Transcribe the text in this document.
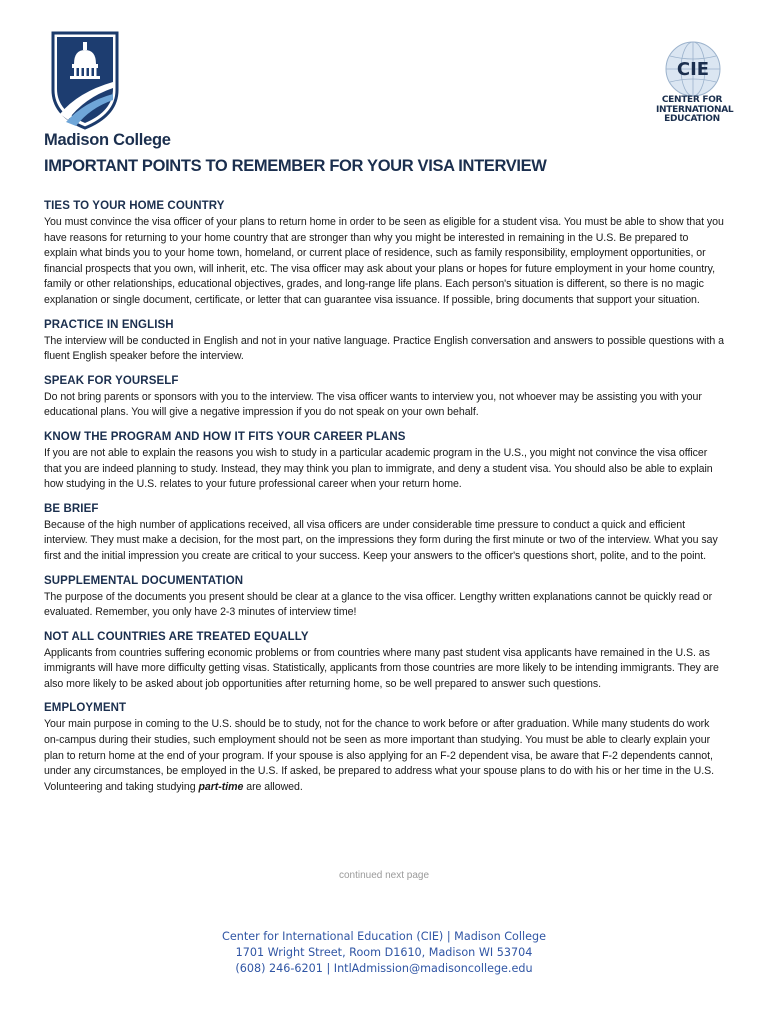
CIE
CENTER FOR
INTERNATIONAL
EDUCATION
Madison College
IMPORTANT POINTS TO REMEMBER FOR YOUR VISA INTERVIEW
TIES TO YOUR HOME COUNTRY

You must convince the visa officer of your plans to return home in order to be seen as eligible for a student visa. You must be able to show that you have reasons for returning to your home country that are stronger than why you might be interested in remaining in the U.S. Be prepared to explain what binds you to your home town, homeland, or current place of residence, such as family responsibility, employment opportunities, or financial prospects that you own, will inherit, etc. The visa officer may ask about your plans or hopes for future employment in your home country, family or other relationships, educational objectives, grades, and long-range life plans. Each person's situation is different, so there is no magic explanation or single document, certificate, or letter that can guarantee visa issuance. If possible, bring documents that support your situation.

PRACTICE IN ENGLISH

The interview will be conducted in English and not in your native language. Practice English conversation and answers to possible questions with a fluent English speaker before the interview.

SPEAK FOR YOURSELF

Do not bring parents or sponsors with you to the interview. The visa officer wants to interview you, not whoever may be assisting you with your educational plans. You will give a negative impression if you do not speak on your own behalf.

KNOW THE PROGRAM AND HOW IT FITS YOUR CAREER PLANS

If you are not able to explain the reasons you wish to study in a particular academic program in the U.S., you might not convince the visa officer that you are indeed planning to study. Instead, they may think you plan to immigrate, and deny a student visa. You should also be able to explain how studying in the U.S. relates to your future professional career when your return home.

BE BRIEF

Because of the high number of applications received, all visa officers are under considerable time pressure to conduct a quick and efficient interview. They must make a decision, for the most part, on the impressions they form during the first minute or two of the interview. What you say first and the initial impression you create are critical to your success. Keep your answers to the officer's questions short, polite, and to the point.

SUPPLEMENTAL DOCUMENTATION

The purpose of the documents you present should be clear at a glance to the visa officer. Lengthy written explanations cannot be quickly read or evaluated. Remember, you only have 2-3 minutes of interview time!

NOT ALL COUNTRIES ARE TREATED EQUALLY

Applicants from countries suffering economic problems or from countries where many past student visa applicants have remained in the U.S. as immigrants will have more difficulty getting visas. Statistically, applicants from those countries are more likely to be intending immigrants. They are also more likely to be asked about job opportunities after returning home, so be well prepared to answer such questions.

EMPLOYMENT

Your main purpose in coming to the U.S. should be to study, not for the chance to work before or after graduation. While many students do work on-campus during their studies, such employment should not be seen as more important than studying. You must be able to clearly explain your plan to return home at the end of your program. If your spouse is also applying for an F-2 dependent visa, be aware that F-2 dependents cannot, under any circumstances, be employed in the U.S. If asked, be prepared to address what your spouse plans to do with his or her time in the U.S. Volunteering and taking studying part-time are allowed.

continued next page
Center for International Education (CIE) | Madison College
1701 Wright Street, Room D1610, Madison WI 53704
(608) 246-6201 | IntlAdmission@madisoncollege.edu
